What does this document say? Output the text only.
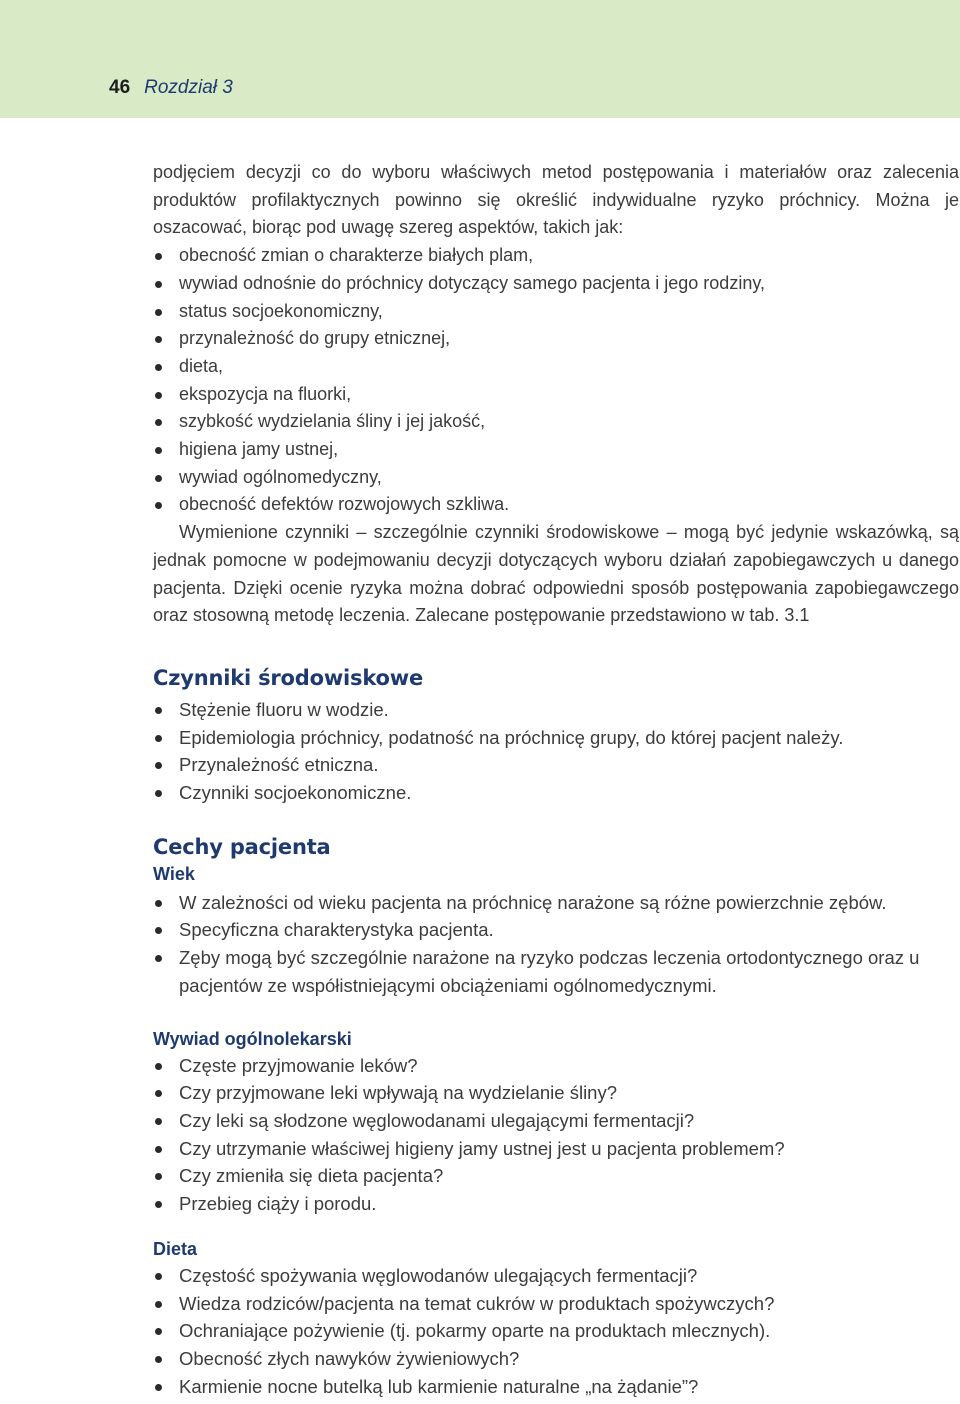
46 Rozdział 3

podjęciem decyzji co do wyboru właściwych metod postępowania i materiałów oraz zalecenia produktów profilaktycznych powinno się określić indywidualne ryzyko próchnicy. Można je oszacować, biorąc pod uwagę szereg aspektów, takich jak:

obecność zmian o charakterze białych plam,
wywiad odnośnie do próchnicy dotyczący samego pacjenta i jego rodziny,
status socjoekonomiczny,
przynależność do grupy etnicznej,
dieta,
ekspozycja na fluorki,
szybkość wydzielania śliny i jej jakość,
higiena jamy ustnej,
wywiad ogólnomedyczny,
obecność defektów rozwojowych szkliwa.

Wymienione czynniki – szczególnie czynniki środowiskowe – mogą być jedynie wskazówką, są jednak pomocne w podejmowaniu decyzji dotyczących wyboru działań zapobiegawczych u danego pacjenta. Dzięki ocenie ryzyka można dobrać odpowiedni sposób postępowania zapobiegawczego oraz stosowną metodę leczenia. Zalecane postępowanie przedstawiono w tab. 3.1

Czynniki środowiskowe
Stężenie fluoru w wodzie.
Epidemiologia próchnicy, podatność na próchnicę grupy, do której pacjent należy.
Przynależność etniczna.
Czynniki socjoekonomiczne.
Cechy pacjenta
Wiek
W zależności od wieku pacjenta na próchnicę narażone są różne powierzchnie zębów.
Specyficzna charakterystyka pacjenta.
Zęby mogą być szczególnie narażone na ryzyko podczas leczenia ortodontycznego oraz u pacjentów ze współistniejącymi obciążeniami ogólnomedycznymi.
Wywiad ogólnolekarski
Częste przyjmowanie leków?
Czy przyjmowane leki wpływają na wydzielanie śliny?
Czy leki są słodzone węglowodanami ulegającymi fermentacji?
Czy utrzymanie właściwej higieny jamy ustnej jest u pacjenta problemem?
Czy zmieniła się dieta pacjenta?
Przebieg ciąży i porodu.
Dieta
Częstość spożywania węglowodanów ulegających fermentacji?
Wiedza rodziców/pacjenta na temat cukrów w produktach spożywczych?
Ochraniające pożywienie (tj. pokarmy oparte na produktach mlecznych).
Obecność złych nawyków żywieniowych?
Karmienie nocne butelką lub karmienie naturalne „na żądanie”?
